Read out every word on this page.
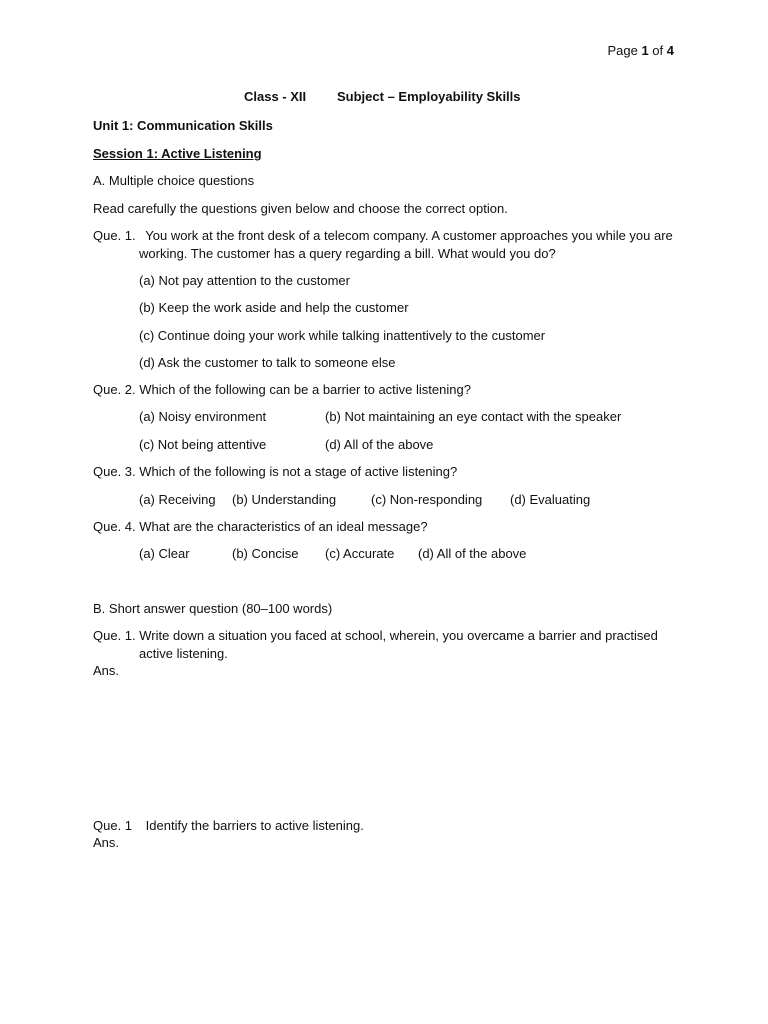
Page 1 of 4
Class - XII Subject – Employability Skills
Unit 1: Communication Skills
Session 1: Active Listening
A. Multiple choice questions
Read carefully the questions given below and choose the correct option.
Que. 1. You work at the front desk of a telecom company. A customer approaches you while you are
working. The customer has a query regarding a bill. What would you do?
(a) Not pay attention to the customer
(b) Keep the work aside and help the customer
(c) Continue doing your work while talking inattentively to the customer
(d) Ask the customer to talk to someone else
Que. 2. Which of the following can be a barrier to active listening?
(a) Noisy environment	(b) Not maintaining an eye contact with the speaker
(c) Not being attentive	(d) All of the above
Que. 3. Which of the following is not a stage of active listening?
(a) Receiving (b) Understanding	(c) Non-responding (d) Evaluating
Que. 4. What are the characteristics of an ideal message?
(a) Clear	(b) Concise (c) Accurate (d) All of the above
B. Short answer question (80–100 words)
Que. 1. Write down a situation you faced at school, wherein, you overcame a barrier and practised
active listening.
Ans.
Que. 1 Identify the barriers to active listening.
Ans.
